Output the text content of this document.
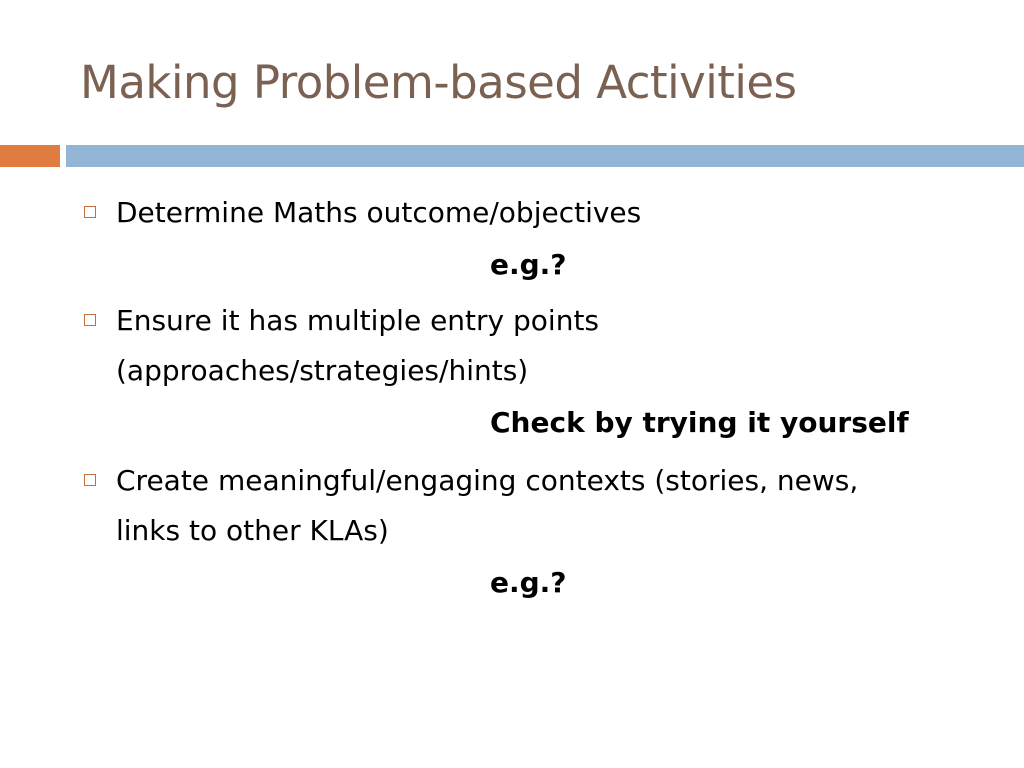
Making Problem-based Activities
Determine Maths outcome/objectives
e.g.?
Ensure it has multiple entry points
(approaches/strategies/hints)
Check by trying it yourself
Create meaningful/engaging contexts (stories, news,
links to other KLAs)
e.g.?
